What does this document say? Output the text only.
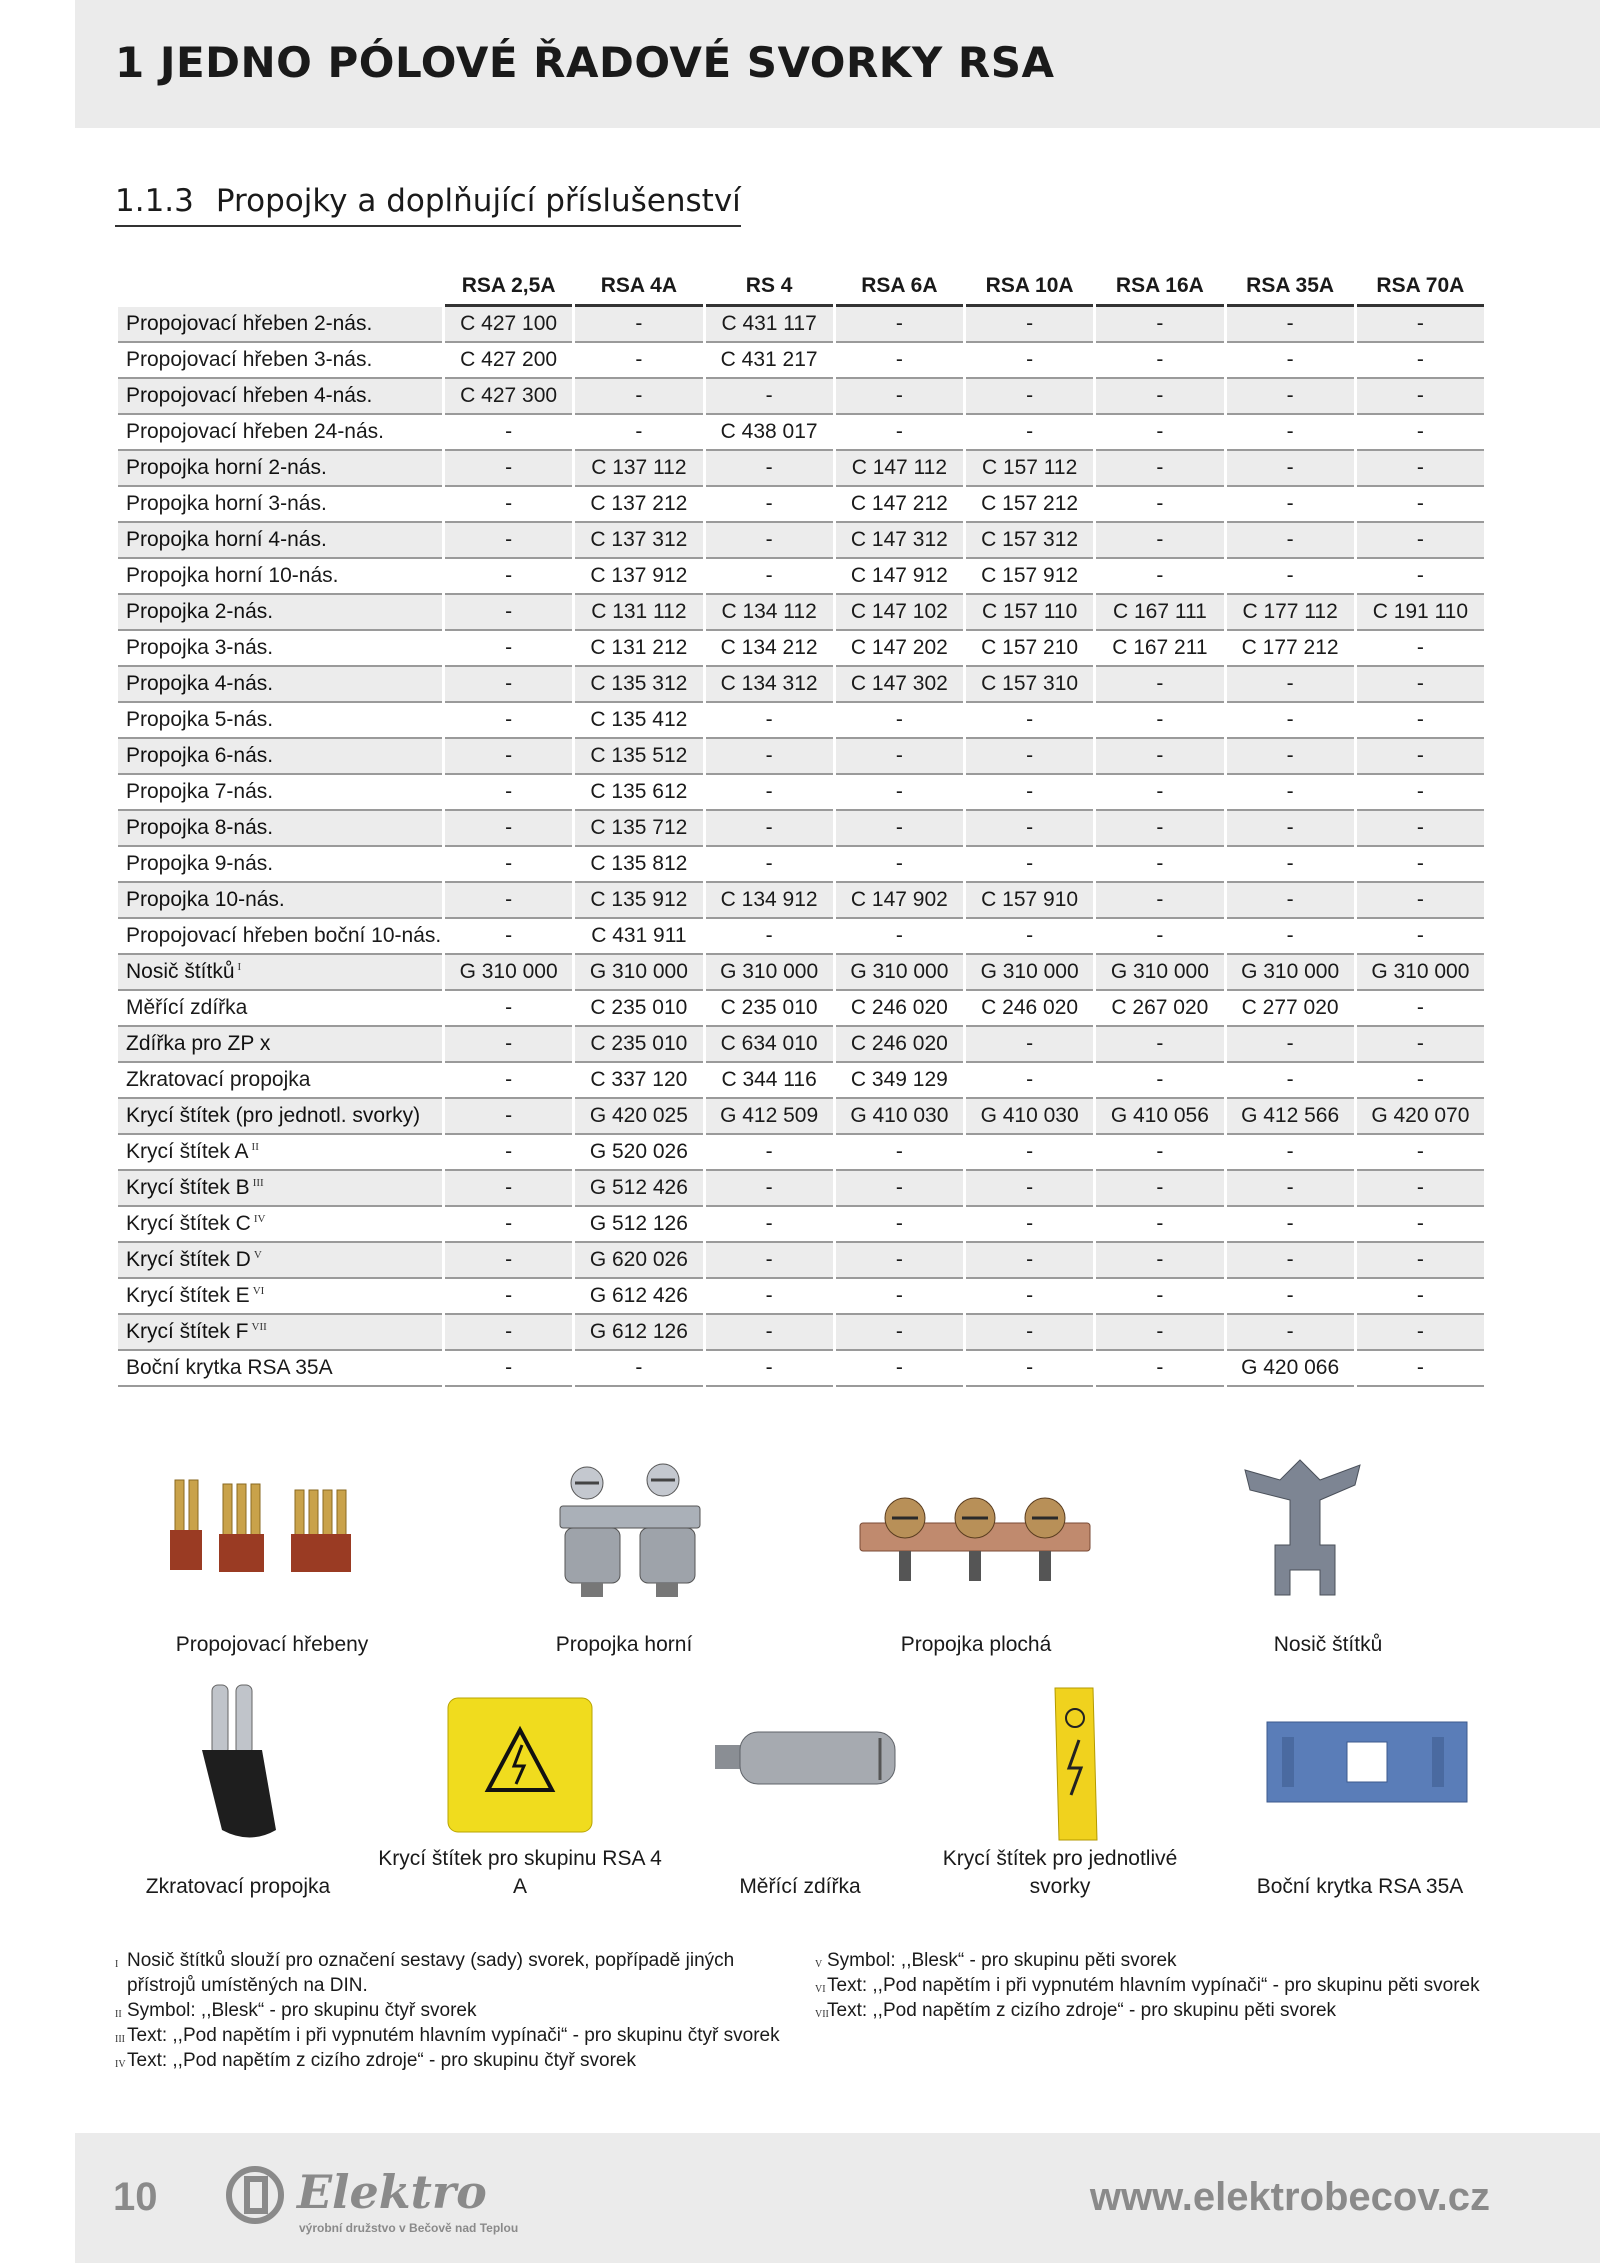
1 JEDNO PÓLOVÉ ŘADOVÉ SVORKY RSA
1.1.3 Propojky a doplňující příslušenství
	RSA 2,5A	RSA 4A	RS 4	RSA 6A	RSA 10A	RSA 16A	RSA 35A	RSA 70A
Propojovací hřeben 2-nás.	C 427 100	-	C 431 117	-	-	-	-	-
Propojovací hřeben 3-nás.	C 427 200	-	C 431 217	-	-	-	-	-
Propojovací hřeben 4-nás.	C 427 300	-	-	-	-	-	-	-
Propojovací hřeben 24-nás.	-	-	C 438 017	-	-	-	-	-
Propojka horní 2-nás.	-	C 137 112	-	C 147 112	C 157 112	-	-	-
Propojka horní 3-nás.	-	C 137 212	-	C 147 212	C 157 212	-	-	-
Propojka horní 4-nás.	-	C 137 312	-	C 147 312	C 157 312	-	-	-
Propojka horní 10-nás.	-	C 137 912	-	C 147 912	C 157 912	-	-	-
Propojka 2-nás.	-	C 131 112	C 134 112	C 147 102	C 157 110	C 167 111	C 177 112	C 191 110
Propojka 3-nás.	-	C 131 212	C 134 212	C 147 202	C 157 210	C 167 211	C 177 212	-
Propojka 4-nás.	-	C 135 312	C 134 312	C 147 302	C 157 310	-	-	-
Propojka 5-nás.	-	C 135 412	-	-	-	-	-	-
Propojka 6-nás.	-	C 135 512	-	-	-	-	-	-
Propojka 7-nás.	-	C 135 612	-	-	-	-	-	-
Propojka 8-nás.	-	C 135 712	-	-	-	-	-	-
Propojka 9-nás.	-	C 135 812	-	-	-	-	-	-
Propojka 10-nás.	-	C 135 912	C 134 912	C 147 902	C 157 910	-	-	-
Propojovací hřeben boční 10-nás.	-	C 431 911	-	-	-	-	-	-
Nosič štítků $^I$	G 310 000	G 310 000	G 310 000	G 310 000	G 310 000	G 310 000	G 310 000	G 310 000
Měřící zdířka	-	C 235 010	C 235 010	C 246 020	C 246 020	C 267 020	C 277 020	-
Zdířka pro ZP x	-	C 235 010	C 634 010	C 246 020	-	-	-	-
Zkratovací propojka	-	C 337 120	C 344 116	C 349 129	-	-	-	-
Krycí štítek (pro jednotl. svorky)	-	G 420 025	G 412 509	G 410 030	G 410 030	G 410 056	G 412 566	G 420 070
Krycí štítek A $^{II}$	-	G 520 026	-	-	-	-	-	-
Krycí štítek B $^{III}$	-	G 512 426	-	-	-	-	-	-
Krycí štítek C $^{IV}$	-	G 512 126	-	-	-	-	-	-
Krycí štítek D $^V$	-	G 620 026	-	-	-	-	-	-
Krycí štítek E $^{VI}$	-	G 612 426	-	-	-	-	-	-
Krycí štítek F $^{VII}$	-	G 612 126	-	-	-	-	-	-
Boční krytka RSA 35A	-	-	-	-	-	-	G 420 066	-
Propojovací hřebeny	Propojka horní	Propojka plochá	Nosič štítků
Zkratovací propojka
Krycí štítek pro skupinu RSA 4 A	Měřící zdířka
Krycí štítek pro jednotlivé svorky	Boční krytka RSA 35A
I Nosič štítků slouží pro označení sestavy (sady) svorek, popřípadě jiných přístrojů umístěných na DIN.
II Symbol: ,,Blesk“ - pro skupinu čtyř svorek
III Text: ,,Pod napětím i při vypnutém hlavním vypínači“ - pro skupinu čtyř svorek
IV Text: ,,Pod napětím z cizího zdroje“ - pro skupinu čtyř svorek
V Symbol: ,,Blesk“ - pro skupinu pěti svorek
VI Text: ,,Pod napětím i při vypnutém hlavním vypínači“ - pro skupinu pěti svorek
VII
Text: ,,Pod napětím z cizího zdroje“ - pro skupinu pěti svorek
10	Elektro
výrobní družstvo v Bečově nad Teplou
www.elektrobecov.cz
